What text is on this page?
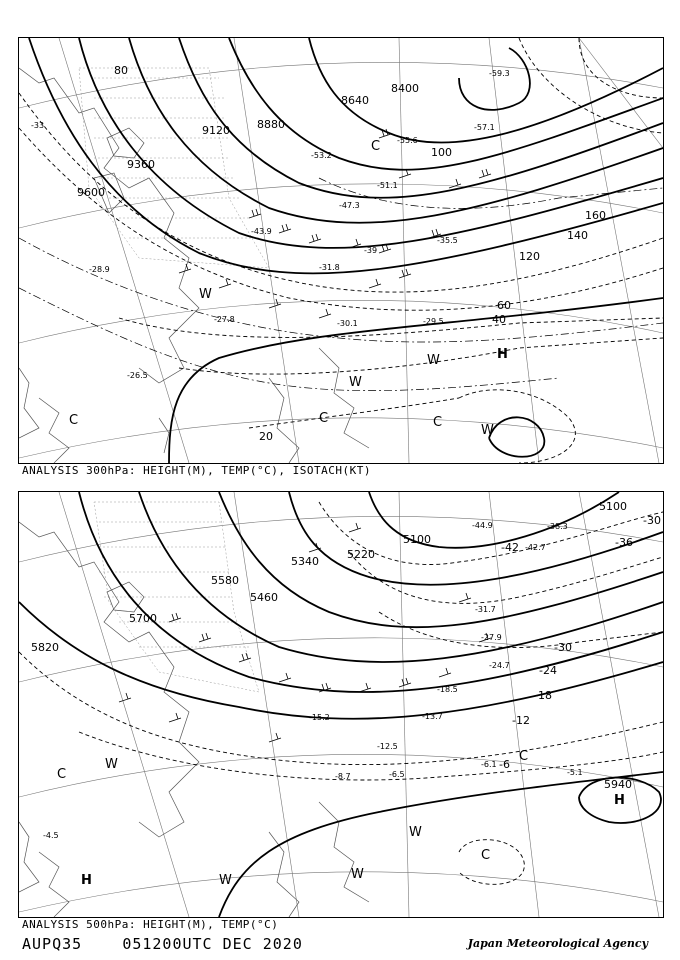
9600
9360
9120 8880
8640
8400
20
40
60
80
100
120
140
160
-59.3
-57.1
-55.6
-53.2
-51.1
-47.3
-43.9
-39
-35.5
-33
-31.8
-30.1	-29.5
-28.9
-27.8
-26.5
H
C	C	C
C
W
W
W
W
ANALYSIS 300hPa: HEIGHT(M), TEMP(°C), ISOTACH(KT)
5100
5220
5340
5460
5580
5700
5820
5940
5100
-42	-36
-30
-24
-18
-12
-6
-30
-44.9
-42.7
-38.3
-31.7
-27.9
-24.7
-18.5
-15.2	-13.7
-12.5
-8.7	-6.5
-6.1
-5.1
-4.5
H
H
C
C
C
W
W	W
W
ANALYSIS 500hPa: HEIGHT(M), TEMP(°C)
AUPQ35	051200UTC DEC 2020	Japan Meteorological Agency
